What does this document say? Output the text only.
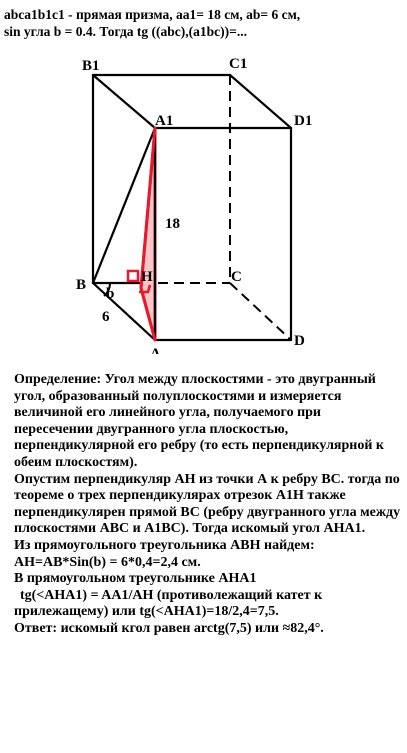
abca1b1c1 - прямая призма, aa1= 18 см, ab= 6 см,
sin угла b = 0.4. Тогда tg ((abc),(a1bc))=...
B1	C1
A1	D1
18
B	H	C
b
6
A
D

Определение: Угол между плоскостями - это двугранный угол, образованный полуплоскостями и измеряется величиной его линейного угла, получаемого при пересечении двугранного угла плоскостью, перпендикулярной его ребру (то есть перпендикулярной к обеим плоскостям).

Опустим перпендикуляр АН из точки А к ребру ВС. тогда по теореме о трех перпендикулярах отрезок A1H также перпендикулярен прямой ВС (ребру двугранного угла между плоскостями АВС и A1ВС). Тогда искомый угол AHA1.

Из прямоугольного треугольника АВН найдем:

AH=AB*Sin(b) = 6*0,4=2,4 см.

В прямоугольном треугольнике AHA1

tg(<AHA1) = AA1/AH (противолежащий катет к прилежащему) или tg(<AHA1)=18/2,4=7,5.

Ответ: искомый кгол равен arctg(7,5) или ≈82,4°.
